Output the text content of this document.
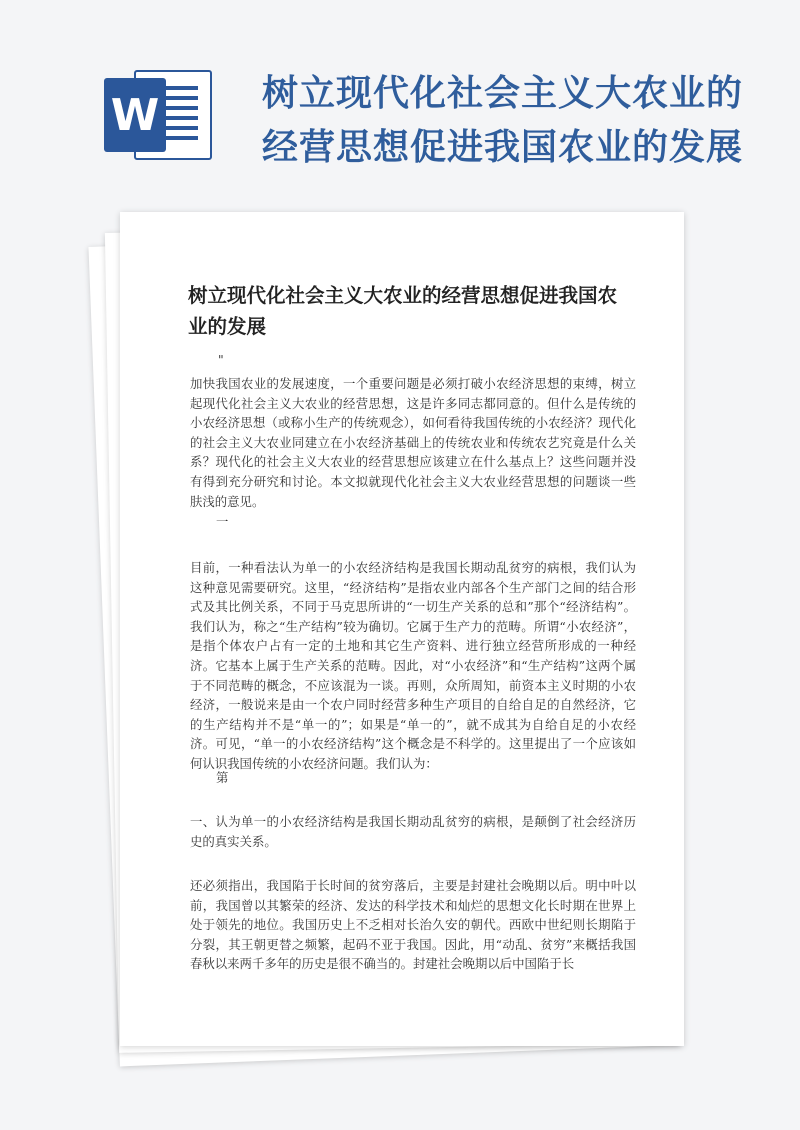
W	树立现代化社会主义大农业的
经营思想促进我国农业的发展
树立现代化社会主义大农业的经营思想促进我国农
业的发展
"

加快我国农业的发展速度，一个重要问题是必须打破小农经济思想的束缚，树立起现代化社会主义大农业的经营思想，这是许多同志都同意的。但什么是传统的小农经济思想（或称小生产的传统观念），如何看待我国传统的小农经济？现代化的社会主义大农业同建立在小农经济基础上的传统农业和传统农艺究竟是什么关系？现代化的社会主义大农业的经营思想应该建立在什么基点上？这些问题并没有得到充分研究和讨论。本文拟就现代化社会主义大农业经营思想的问题谈一些肤浅的意见。

一

目前，一种看法认为单一的小农经济结构是我国长期动乱贫穷的病根，我们认为这种意见需要研究。这里，“经济结构”是指农业内部各个生产部门之间的结合形式及其比例关系，不同于马克思所讲的“一切生产关系的总和”那个“经济结构”。我们认为，称之“生产结构”较为确切。它属于生产力的范畴。所谓“小农经济”，是指个体农户占有一定的土地和其它生产资料、进行独立经营所形成的一种经济。它基本上属于生产关系的范畴。因此，对“小农经济”和“生产结构”这两个属于不同范畴的概念，不应该混为一谈。再则，众所周知，前资本主义时期的小农经济，一般说来是由一个农户同时经营多种生产项目的自给自足的自然经济，它的生产结构并不是“单一的”；如果是“单一的”，就不成其为自给自足的小农经济。可见，“单一的小农经济结构”这个概念是不科学的。这里提出了一个应该如何认识我国传统的小农经济问题。我们认为：

第

一、认为单一的小农经济结构是我国长期动乱贫穷的病根，是颠倒了社会经济历史的真实关系。

还必须指出，我国陷于长时间的贫穷落后，主要是封建社会晚期以后。明中叶以前，我国曾以其繁荣的经济、发达的科学技术和灿烂的思想文化长时期在世界上处于领先的地位。我国历史上不乏相对长治久安的朝代。西欧中世纪则长期陷于分裂，其王朝更替之频繁，起码不亚于我国。因此，用“动乱、贫穷”来概括我国春秋以来两千多年的历史是很不确当的。封建社会晚期以后中国陷于长
